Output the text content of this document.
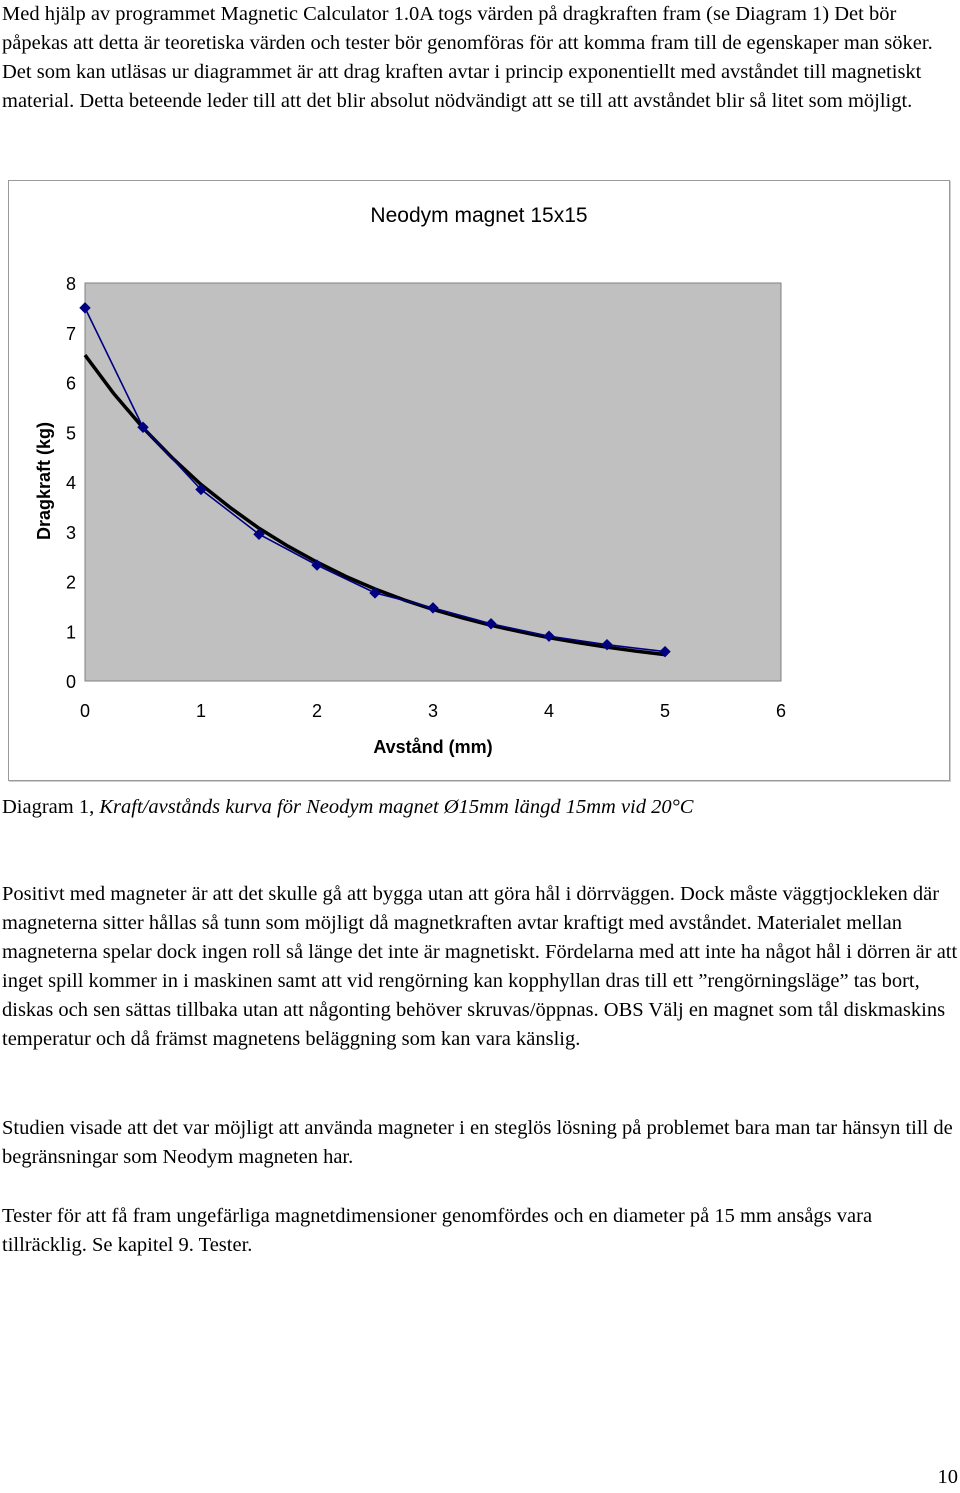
Med hjälp av programmet Magnetic Calculator 1.0A togs värden på dragkraften fram (se Diagram 1) Det bör påpekas att detta är teoretiska värden och tester bör genomföras för att komma fram till de egenskaper man söker. Det som kan utläsas ur diagrammet är att drag kraften avtar i princip exponentiellt med avståndet till magnetiskt material. Detta beteende leder till att det blir absolut nödvändigt att se till att avståndet blir så litet som möjligt.

Neodym magnet 15x15
0
1
2
3
4
5
6
7
8
0	1	2	3	4	5	6
Avstånd (mm)
Dragkraft (kg)

Diagram 1, Kraft/avstånds kurva för Neodym magnet Ø15mm längd 15mm vid 20°C

Positivt med magneter är att det skulle gå att bygga utan att göra hål i dörrväggen. Dock måste väggtjockleken där magneterna sitter hållas så tunn som möjligt då magnetkraften avtar kraftigt med avståndet. Materialet mellan magneterna spelar dock ingen roll så länge det inte är magnetiskt. Fördelarna med att inte ha något hål i dörren är att inget spill kommer in i maskinen samt att vid rengörning kan kopphyllan dras till ett ”rengörningsläge” tas bort, diskas och sen sättas tillbaka utan att någonting behöver skruvas/öppnas. OBS Välj en magnet som tål diskmaskins temperatur och då främst magnetens beläggning som kan vara känslig.

Studien visade att det var möjligt att använda magneter i en steglös lösning på problemet bara man tar hänsyn till de begränsningar som Neodym magneten har.

Tester för att få fram ungefärliga magnetdimensioner genomfördes och en diameter på 15 mm ansågs vara tillräcklig. Se kapitel 9. Tester.

10
